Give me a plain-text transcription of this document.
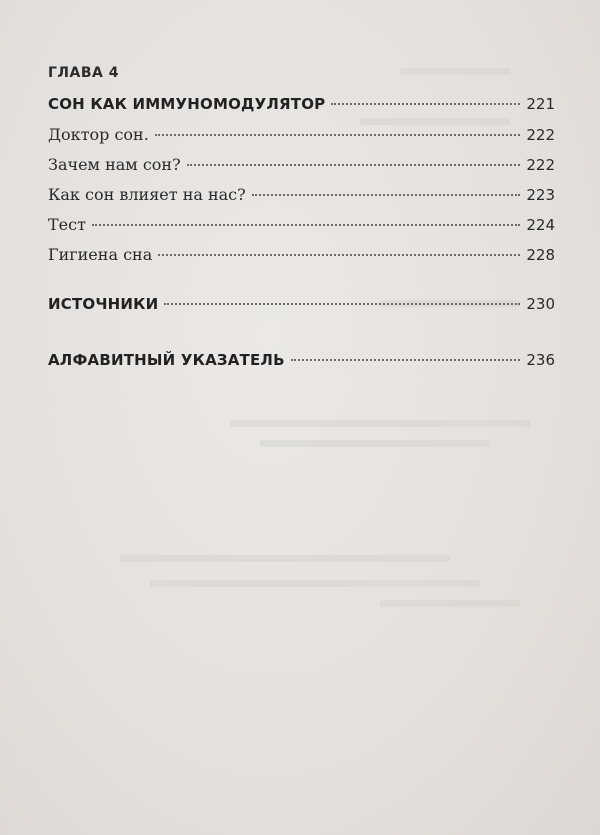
ГЛАВА 4
СОН КАК ИММУНОМОДУЛЯТОР	221
Доктор сон.	222
Зачем нам сон?	222
Как сон влияет на нас?	223
Тест	224
Гигиена сна	228
ИСТОЧНИКИ	230
АЛФАВИТНЫЙ УКАЗАТЕЛЬ	236
